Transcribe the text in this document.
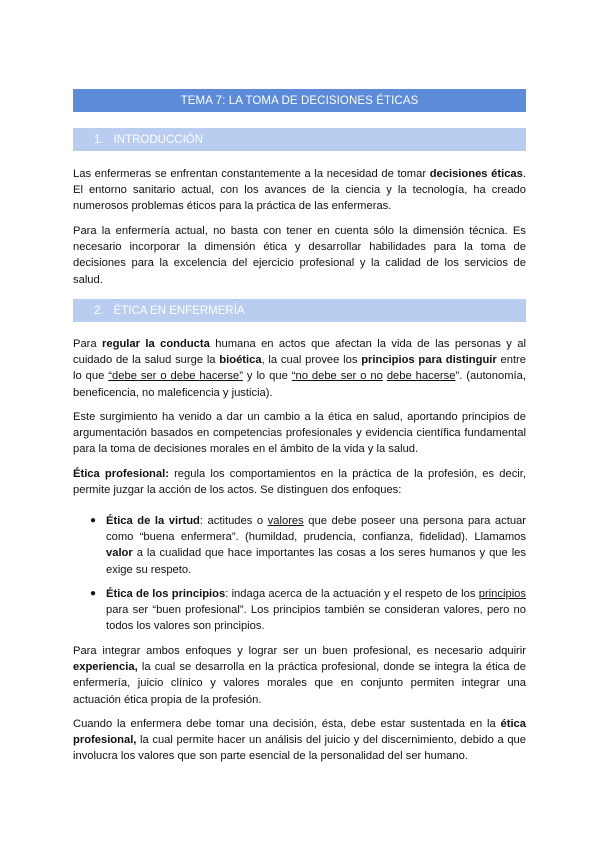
TEMA 7: LA TOMA DE DECISIONES ÉTICAS
1. INTRODUCCIÓN

Las enfermeras se enfrentan constantemente a la necesidad de tomar decisiones éticas. El entorno sanitario actual, con los avances de la ciencia y la tecnología, ha creado numerosos problemas éticos para la práctica de las enfermeras.

Para la enfermería actual, no basta con tener en cuenta sólo la dimensión técnica. Es necesario incorporar la dimensión ética y desarrollar habilidades para la toma de decisiones para la excelencia del ejercicio profesional y la calidad de los servicios de salud.

2. ÉTICA EN ENFERMERÍA

Para regular la conducta humana en actos que afectan la vida de las personas y al cuidado de la salud surge la bioética, la cual provee los principios para distinguir entre lo que “debe ser o debe hacerse” y lo que “no debe ser o no debe hacerse”. (autonomía, beneficencia, no maleficencia y justicia).

Este surgimiento ha venido a dar un cambio a la ética en salud, aportando principios de argumentación basados en competencias profesionales y evidencia científica fundamental para la toma de decisiones morales en el ámbito de la vida y la salud.

Ética profesional: regula los comportamientos en la práctica de la profesión, es decir, permite juzgar la acción de los actos. Se distinguen dos enfoques:

● Ética de la virtud: actitudes o valores que debe poseer una persona para actuar como “buena enfermera”. (humildad, prudencia, confianza, fidelidad). Llamamos valor a la cualidad que hace importantes las cosas a los seres humanos y que les exige su respeto.
● Ética de los principios: indaga acerca de la actuación y el respeto de los principios para ser “buen profesional”. Los principios también se consideran valores, pero no todos los valores son principios.

Para integrar ambos enfoques y lograr ser un buen profesional, es necesario adquirir experiencia, la cual se desarrolla en la práctica profesional, donde se integra la ética de enfermería, juicio clínico y valores morales que en conjunto permiten integrar una actuación ética propia de la profesión.

Cuando la enfermera debe tomar una decisión, ésta, debe estar sustentada en la ética profesional, la cual permite hacer un análisis del juicio y del discernimiento, debido a que involucra los valores que son parte esencial de la personalidad del ser humano.
